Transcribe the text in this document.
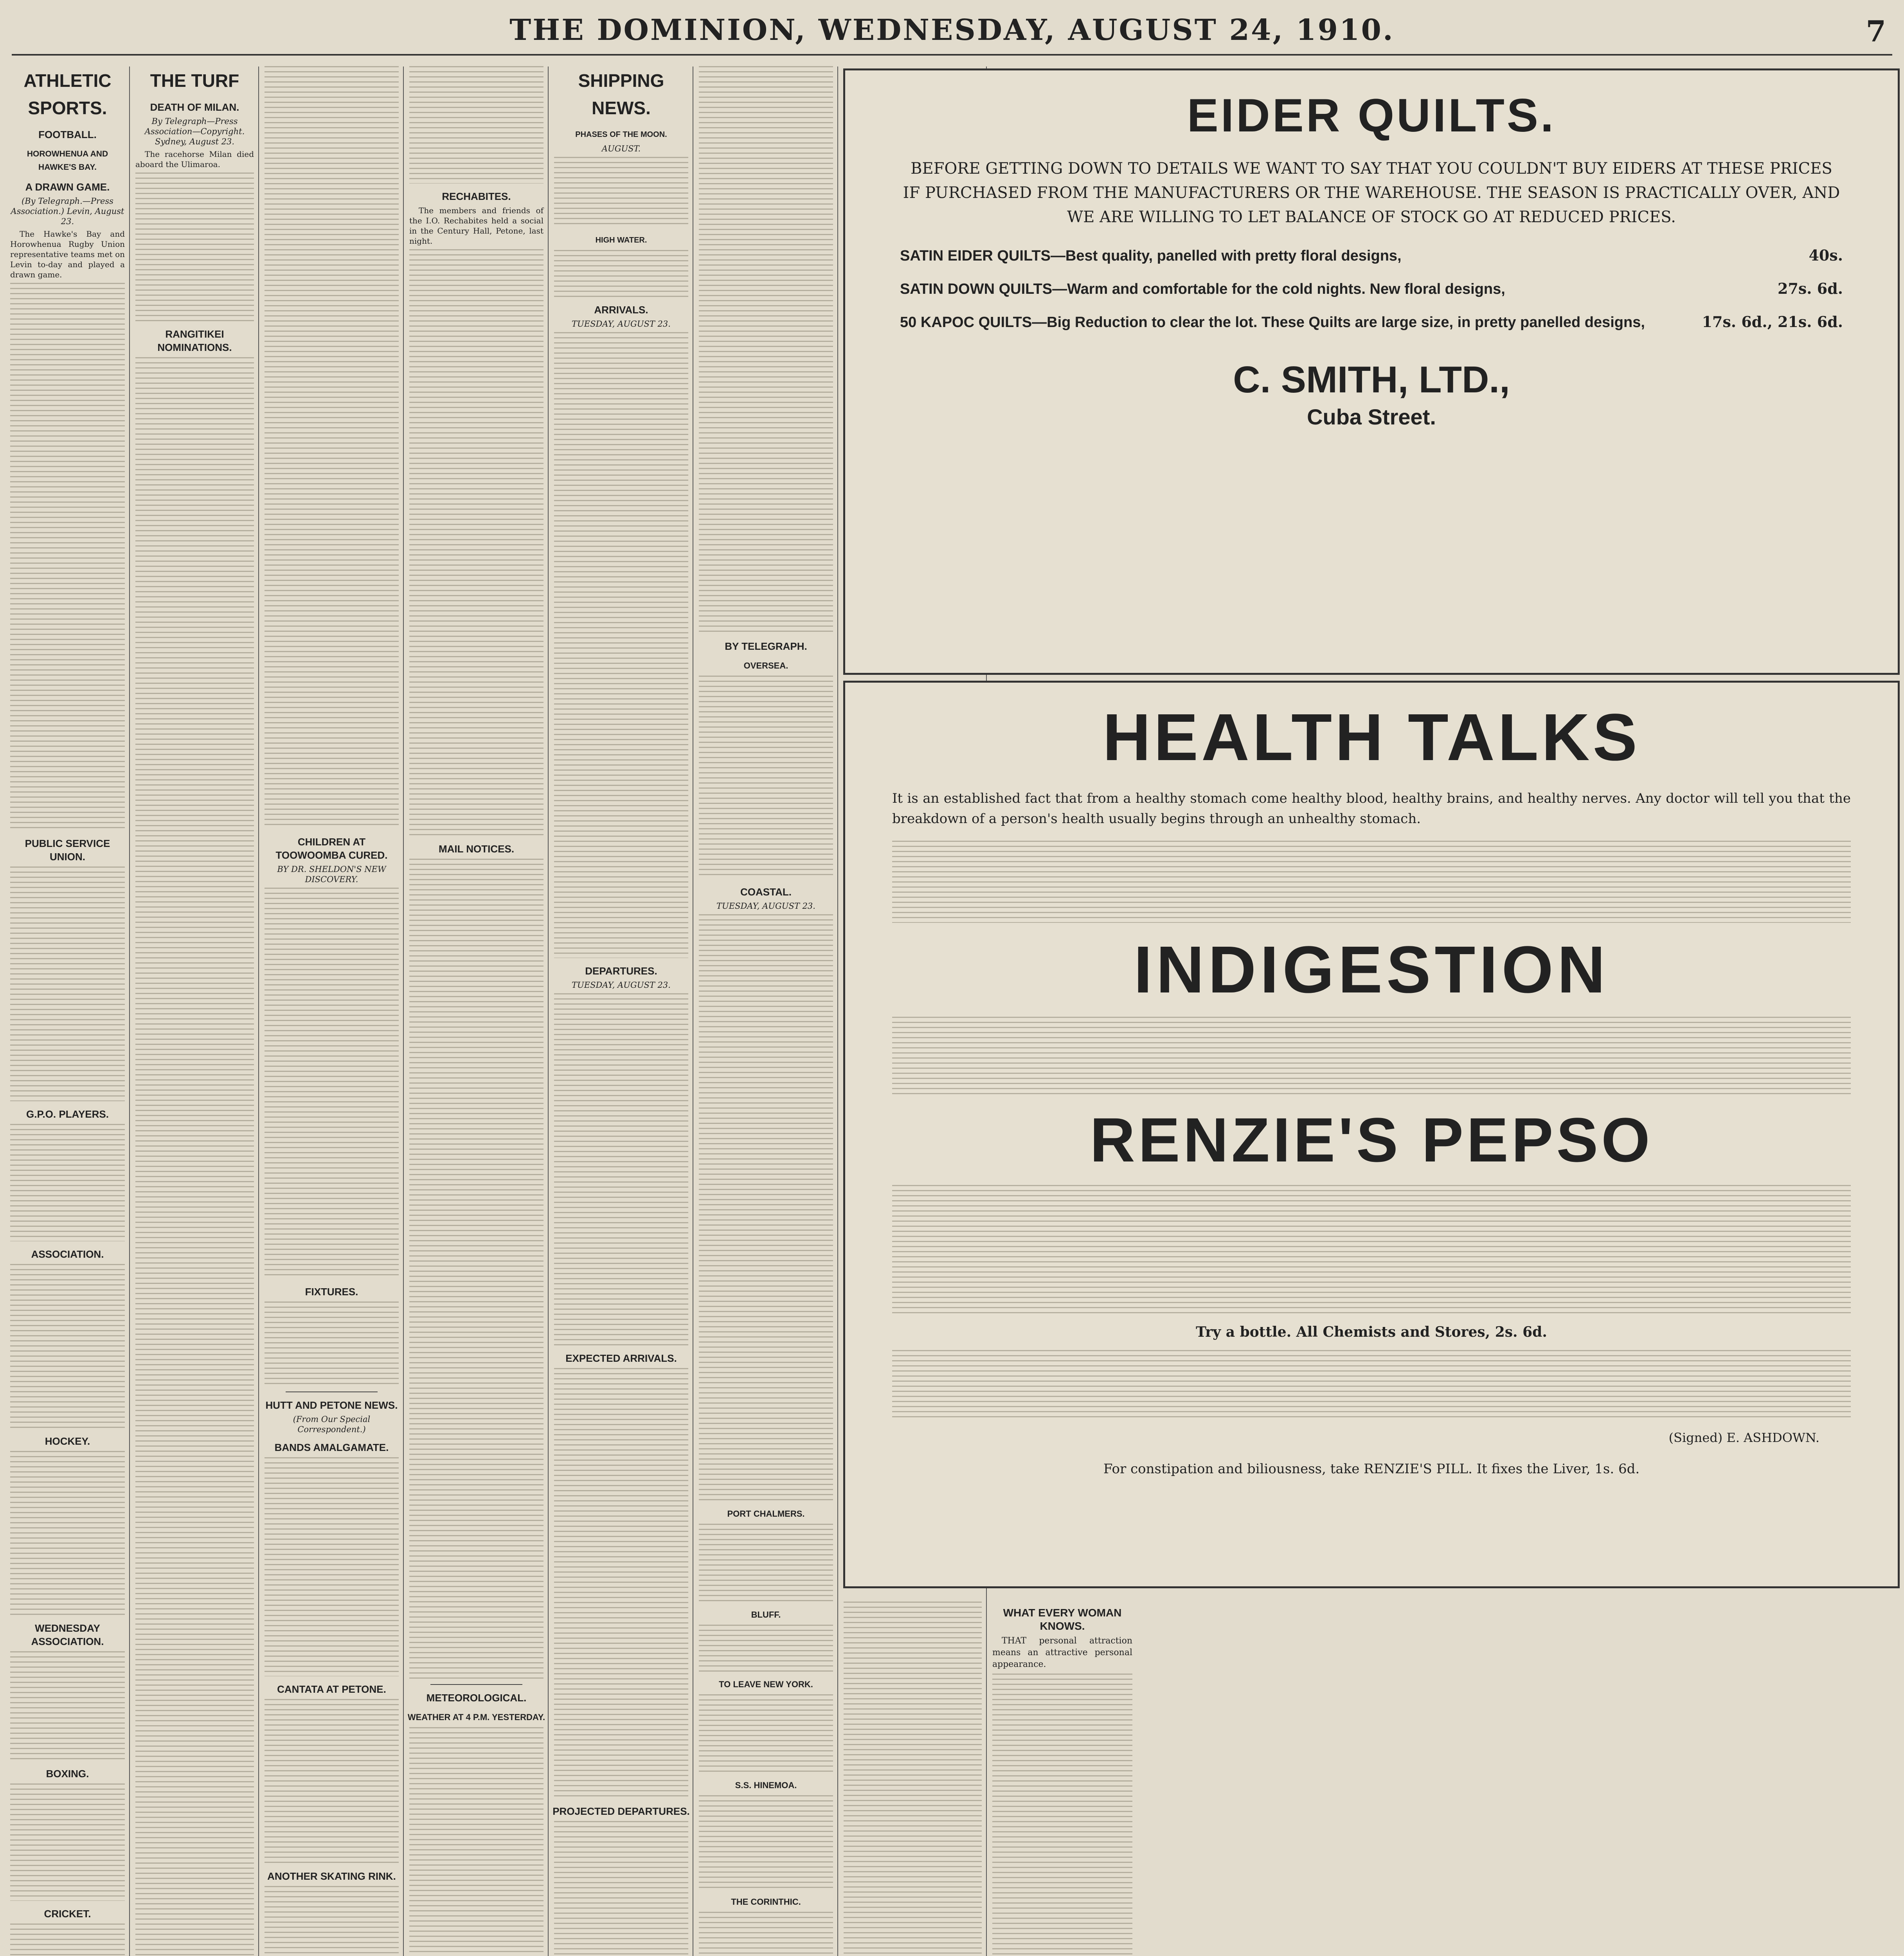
THE DOMINION, WEDNESDAY, AUGUST 24, 1910.	7
ATHLETIC SPORTS.
FOOTBALL.
HOROWHENUA AND HAWKE'S BAY.
A DRAWN GAME.
(By Telegraph.—Press Association.) Levin, August 23.
The Hawke's Bay and Horowhenua Rugby Union representative teams met on Levin to-day and played a drawn game.
PUBLIC SERVICE UNION.
G.P.O. PLAYERS.
ASSOCIATION.
HOCKEY.
WEDNESDAY ASSOCIATION.
BOXING.
CRICKET.
THE TURF
DEATH OF MILAN.
By Telegraph—Press Association—Copyright. Sydney, August 23.
The racehorse Milan died aboard the Ulimaroa.
RANGITIKEI NOMINATIONS.
CHILDREN AT TOOWOOMBA CURED.
BY DR. SHELDON'S NEW DISCOVERY.
FIXTURES.
HUTT AND PETONE NEWS.
(From Our Special Correspondent.)
BANDS AMALGAMATE.
CANTATA AT PETONE.
ANOTHER SKATING RINK.
RECHABITES.
The members and friends of the I.O. Rechabites held a social in the Century Hall, Petone, last night.
MAIL NOTICES.
METEOROLOGICAL.
WEATHER AT 4 P.M. YESTERDAY.
SHIPPING NEWS.
PHASES OF THE MOON.
AUGUST.
HIGH WATER.
ARRIVALS.
TUESDAY, AUGUST 23.
DEPARTURES.
TUESDAY, AUGUST 23.
EXPECTED ARRIVALS.
PROJECTED DEPARTURES.
BY TELEGRAPH.
OVERSEA.
COASTAL.
TUESDAY, AUGUST 23.
PORT CHALMERS.
BLUFF.
TO LEAVE NEW YORK.
S.S. HINEMOA.
THE CORINTHIC.
WHAT EVERY WOMAN KNOWS.
THAT personal attraction means an attractive personal appearance.
EIDER QUILTS.
BEFORE GETTING DOWN TO DETAILS WE WANT TO SAY THAT YOU COULDN'T BUY EIDERS AT THESE PRICES IF PURCHASED FROM THE MANUFACTURERS OR THE WAREHOUSE. THE SEASON IS PRACTICALLY OVER, AND WE ARE WILLING TO LET BALANCE OF STOCK GO AT REDUCED PRICES.
SATIN EIDER QUILTS—Best quality, panelled with pretty floral designs,	40s.
SATIN DOWN QUILTS—Warm and comfortable for the cold nights. New floral designs,	27s. 6d.
50 KAPOC QUILTS—Big Reduction to clear the lot. These Quilts are large size, in pretty panelled designs,	17s. 6d., 21s. 6d.
C. SMITH, LTD.,
Cuba Street.
HEALTH TALKS
It is an established fact that from a healthy stomach come healthy blood, healthy brains, and healthy nerves. Any doctor will tell you that the breakdown of a person's health usually begins through an unhealthy stomach.
INDIGESTION
RENZIE'S PEPSO
Try a bottle. All Chemists and Stores, 2s. 6d.
(Signed) E. ASHDOWN.
For constipation and biliousness, take RENZIE'S PILL. It fixes the Liver, 1s. 6d.
